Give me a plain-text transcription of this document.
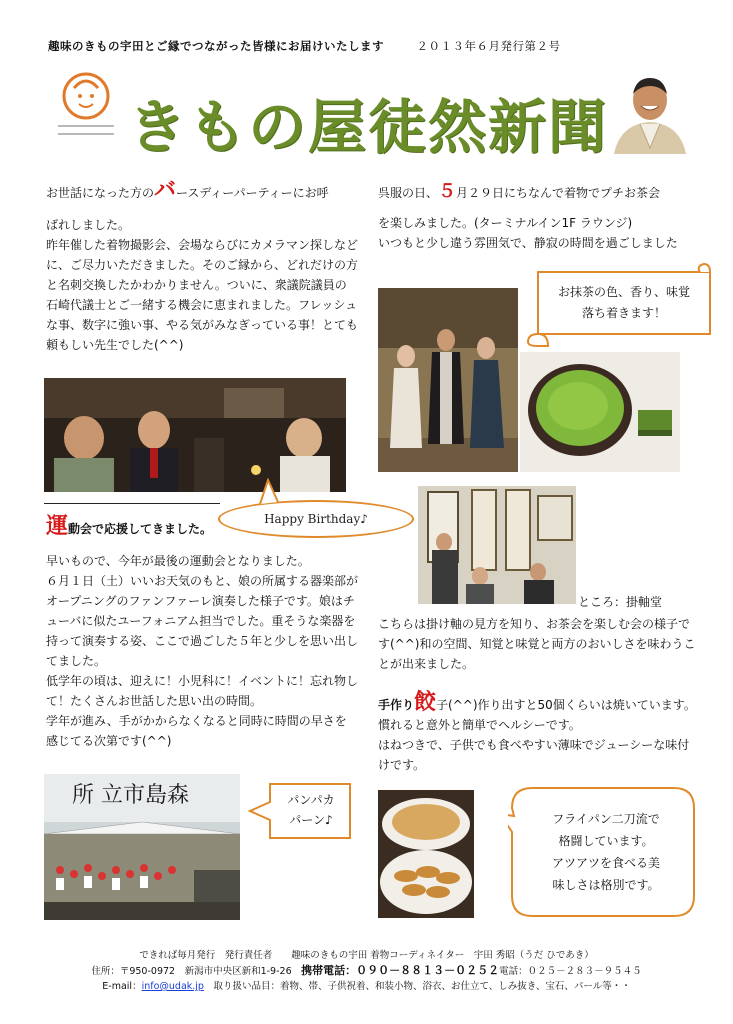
趣味のきもの宇田とご縁でつながった皆様にお届けいたします	２０１３年６月発行第２号
きもの屋徒然新聞

お世話になった方のバースディーパーティーにお呼

ばれしました。

昨年催した着物撮影会、会場ならびにカメラマン探しなどに、ご尽力いただきました。そのご縁から、どれだけの方と名刺交換したかわかりません。ついに、衆議院議員の石崎代議士とご一緒する機会に恵まれました。フレッシュな事、数字に強い事、やる気がみなぎっている事！とても頼もしい先生でした(^^)

Happy Birthday♪

運動会で応援してきました。

早いもので、今年が最後の運動会となりました。

６月１日（土）いいお天気のもと、娘の所属する器楽部がオープニングのファンファーレ演奏した様子です。娘はチューバに似たユーフォニアム担当でした。重そうな楽器を持って演奏する姿、ここで過ごした５年と少しを思い出してました。

低学年の頃は、迎えに！小児科に！イベントに！忘れ物して！たくさんお世話した思い出の時間。

学年が進み、手がかからなくなると同時に時間の早さを感じてる次第です(^^)

所 立市島森	パンパカ
パーン♪

呉服の日、５月２９日にちなんで着物でプチお茶会

を楽しみました。(ターミナルイン1F ラウンジ)

いつもと少し違う雰囲気で、静寂の時間を過ごしました

お抹茶の色、香り、味覚
落ち着きます！
ところ：掛軸堂

こちらは掛け軸の見方を知り、お茶会を楽しむ会の様子です(^^)和の空間、知覚と味覚と両方のおいしさを味わうことが出来ました。

手作り餃子(^^)作り出すと50個くらいは焼いています。慣れると意外と簡単でヘルシーです。

はねつきで、子供でも食べやすい薄味でジューシーな味付けです。

フライパン二刀流で
格闘しています。
アツアツを食べる美
味しさは格別です。
できれば毎月発行　発行責任者　　趣味のきもの宇田 着物コーディネイター　宇田 秀昭（うだ ひであき）
住所：〒950-0972　新潟市中央区新和1-9-26　携帯電話：０９０－８８１３－０２５２電話：０２５－２８３－９５４５
E-mail：info@udak.jp　取り扱い品目：着物、帯、子供祝着、和装小物、浴衣、お仕立て、しみ抜き、宝石、パール等・・
